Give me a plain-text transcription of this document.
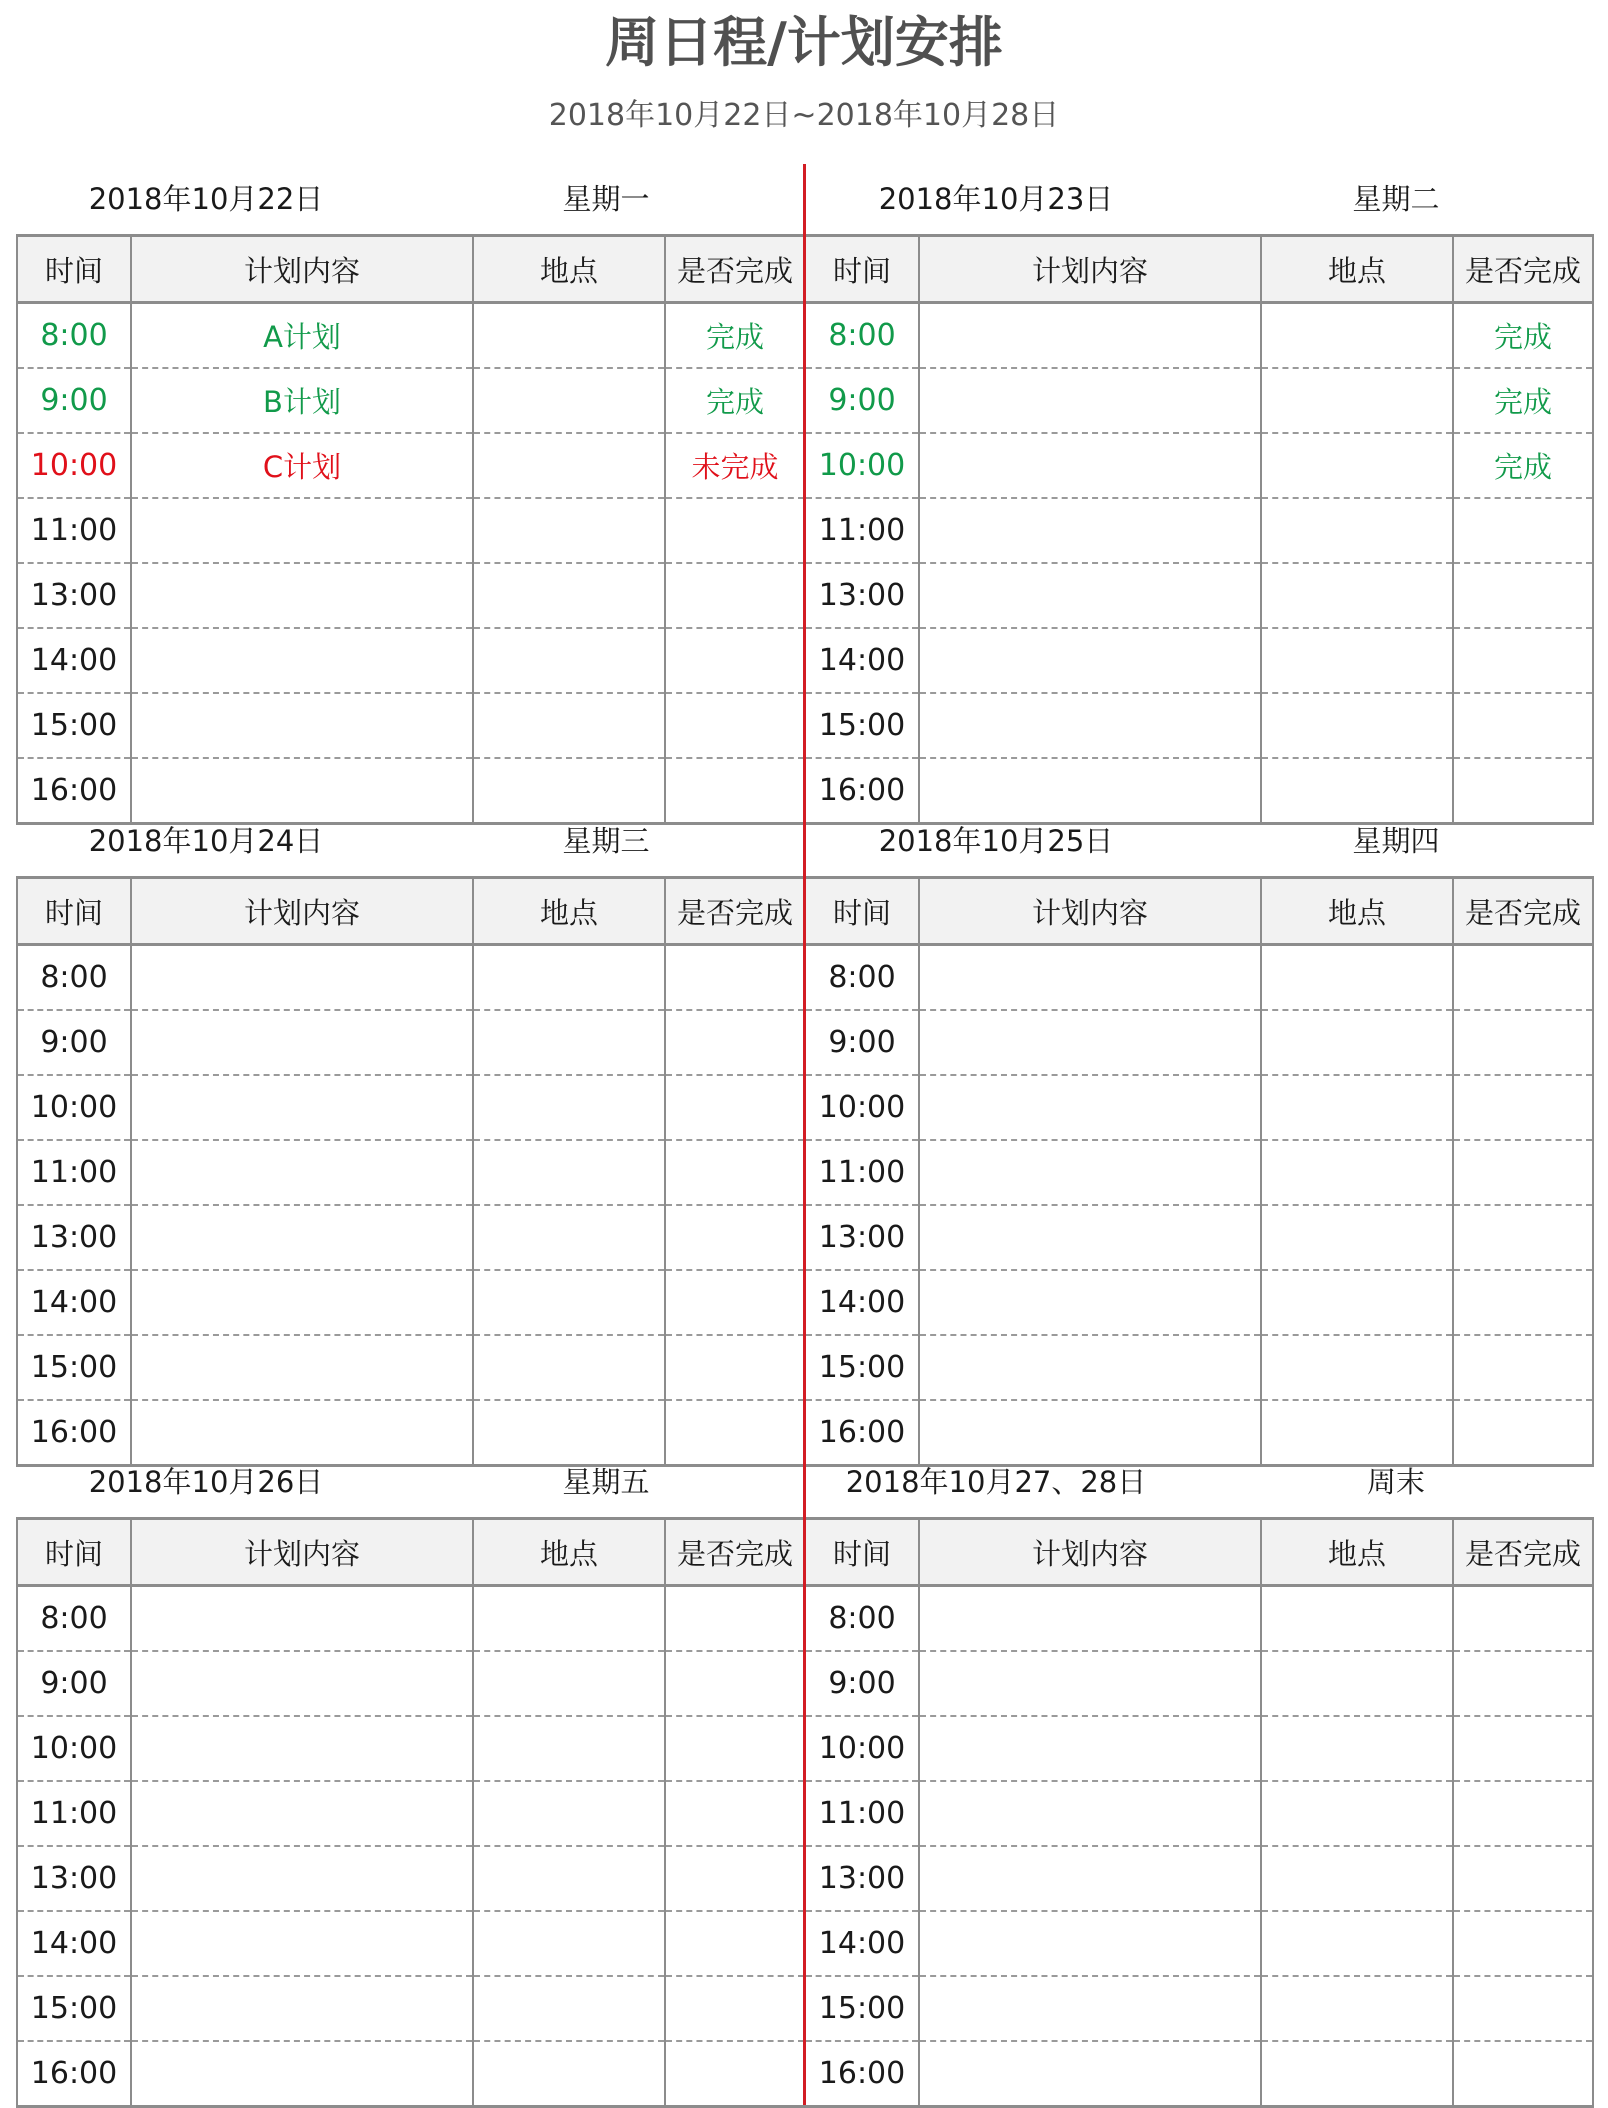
周日程/计划安排
2018年10月22日~2018年10月28日
2018年10月22日	星期一	2018年10月23日	星期二
时间	计划内容	地点	是否完成	时间	计划内容	地点	是否完成
8:00	A计划		完成	8:00			完成
9:00	B计划		完成	9:00			完成
10:00	C计划		未完成	10:00			完成
11:00				11:00			
13:00				13:00			
14:00				14:00			
15:00				15:00			
16:00				16:00			
2018年10月24日	星期三	2018年10月25日	星期四
时间	计划内容	地点	是否完成	时间	计划内容	地点	是否完成
8:00				8:00			
9:00				9:00			
10:00				10:00			
11:00				11:00			
13:00				13:00			
14:00				14:00			
15:00				15:00			
16:00				16:00			
2018年10月26日	星期五	2018年10月27、28日	周末
时间	计划内容	地点	是否完成	时间	计划内容	地点	是否完成
8:00				8:00			
9:00				9:00			
10:00				10:00			
11:00				11:00			
13:00				13:00			
14:00				14:00			
15:00				15:00			
16:00				16:00			
